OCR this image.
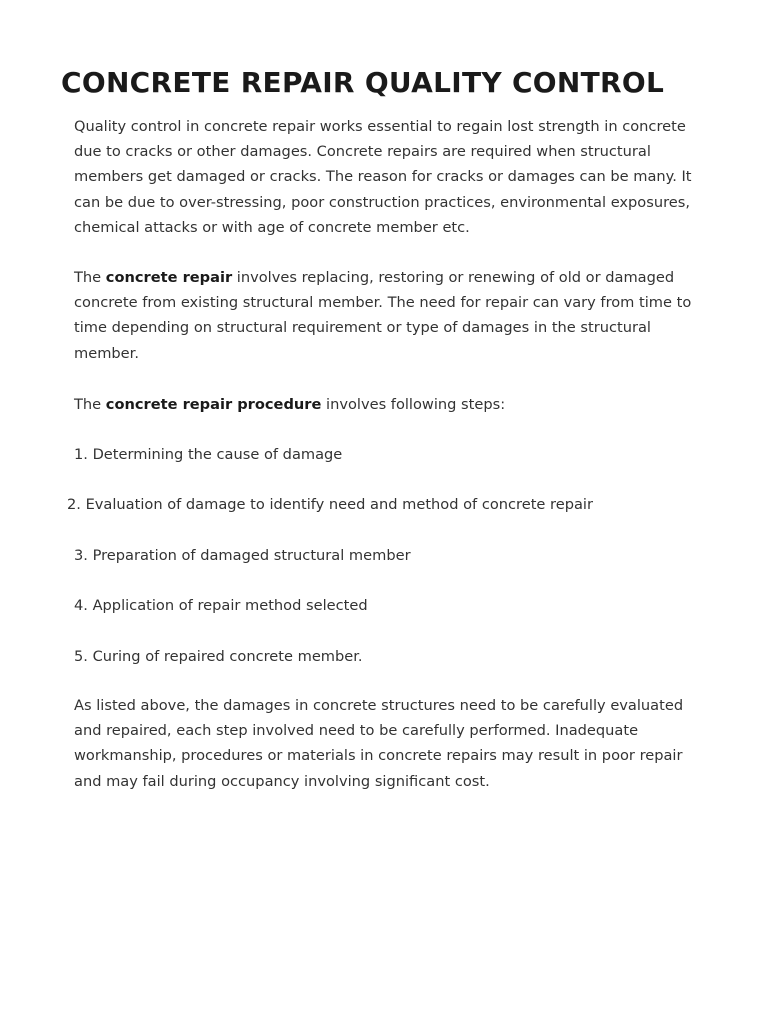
CONCRETE REPAIR QUALITY CONTROL

Quality control in concrete repair works essential to regain lost strength in concrete
due to cracks or other damages. Concrete repairs are required when structural
members get damaged or cracks. The reason for cracks or damages can be many. It
can be due to over-stressing, poor construction practices, environmental exposures,
chemical attacks or with age of concrete member etc.

The concrete repair involves replacing, restoring or renewing of old or damaged
concrete from existing structural member. The need for repair can vary from time to
time depending on structural requirement or type of damages in the structural
member.

The concrete repair procedure involves following steps:

1. Determining the cause of damage

2. Evaluation of damage to identify need and method of concrete repair

3. Preparation of damaged structural member

4. Application of repair method selected

5. Curing of repaired concrete member.

As listed above, the damages in concrete structures need to be carefully evaluated
and repaired, each step involved need to be carefully performed. Inadequate
workmanship, procedures or materials in concrete repairs may result in poor repair
and may fail during occupancy involving significant cost.
